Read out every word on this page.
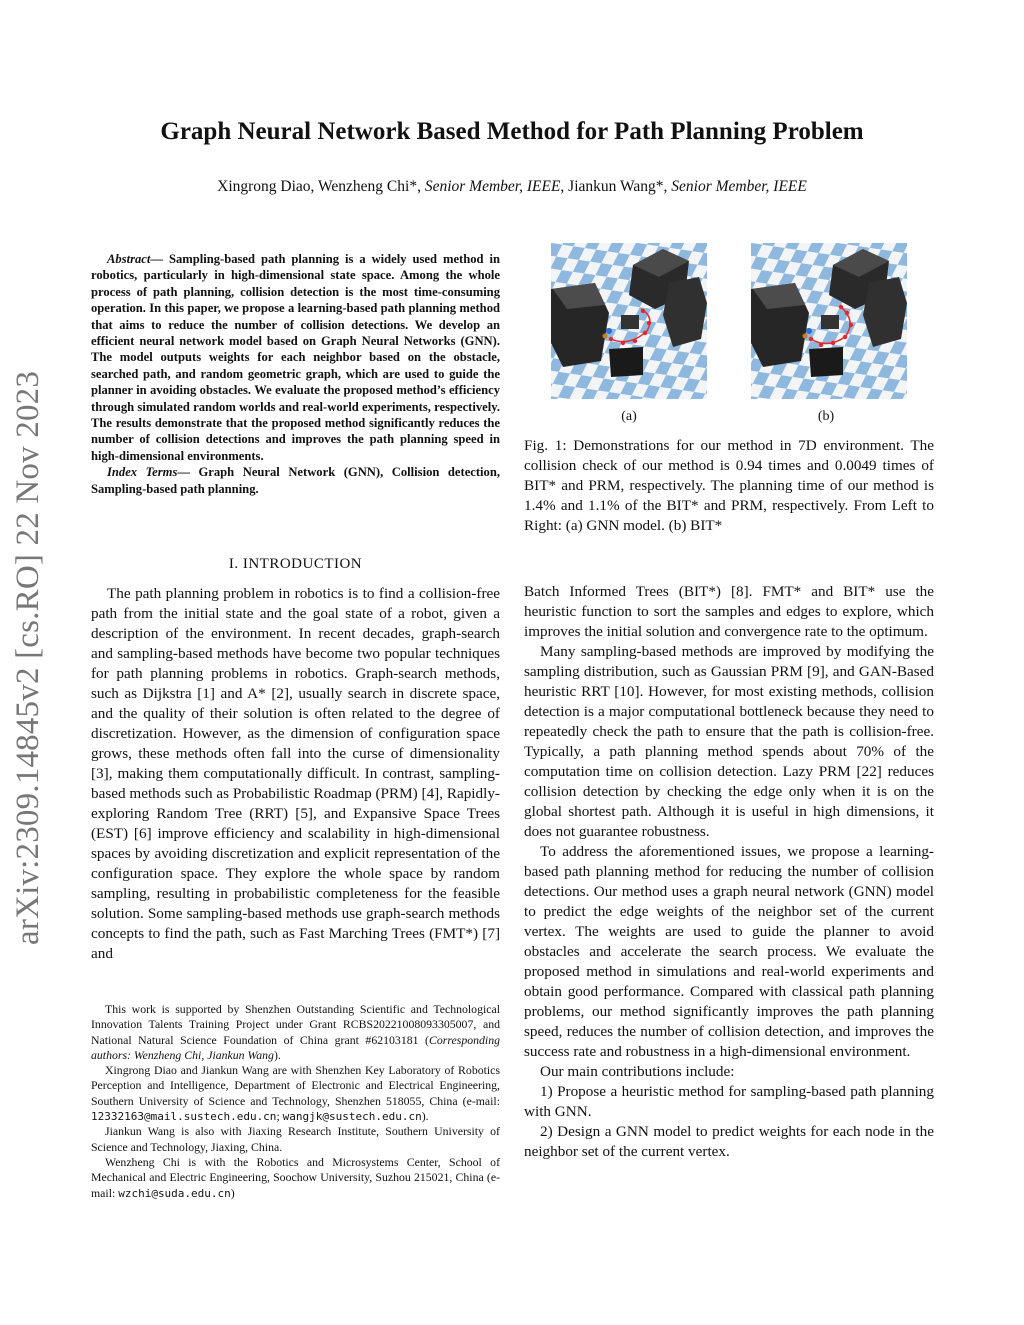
arXiv:2309.14845v2 [cs.RO] 22 Nov 2023
Graph Neural Network Based Method for Path Planning Problem
Xingrong Diao, Wenzheng Chi*, Senior Member, IEEE, Jiankun Wang*, Senior Member, IEEE

Abstract— Sampling-based path planning is a widely used method in robotics, particularly in high-dimensional state space. Among the whole process of path planning, collision detection is the most time-consuming operation. In this paper, we propose a learning-based path planning method that aims to reduce the number of collision detections. We develop an efficient neural network model based on Graph Neural Networks (GNN). The model outputs weights for each neighbor based on the obstacle, searched path, and random geometric graph, which are used to guide the planner in avoiding obstacles. We evaluate the proposed method’s efficiency through simulated random worlds and real-world experiments, respectively. The results demonstrate that the proposed method significantly reduces the number of collision detections and improves the path planning speed in high-dimensional environments.

Index Terms— Graph Neural Network (GNN), Collision detection, Sampling-based path planning.

I. INTRODUCTION

The path planning problem in robotics is to find a collision-free path from the initial state and the goal state of a robot, given a description of the environment. In recent decades, graph-search and sampling-based methods have become two popular techniques for path planning problems in robotics. Graph-search methods, such as Dijkstra [1] and A* [2], usually search in discrete space, and the quality of their solution is often related to the degree of discretization. However, as the dimension of configuration space grows, these methods often fall into the curse of dimensionality [3], making them computationally difficult. In contrast, sampling-based methods such as Probabilistic Roadmap (PRM) [4], Rapidly-exploring Random Tree (RRT) [5], and Expansive Space Trees (EST) [6] improve efficiency and scalability in high-dimensional spaces by avoiding discretization and explicit representation of the configuration space. They explore the whole space by random sampling, resulting in probabilistic completeness for the feasible solution. Some sampling-based methods use graph-search methods concepts to find the path, such as Fast Marching Trees (FMT*) [7] and

This work is supported by Shenzhen Outstanding Scientific and Technological Innovation Talents Training Project under Grant RCBS20221008093305007, and National Natural Science Foundation of China grant #62103181 (Corresponding authors: Wenzheng Chi, Jiankun Wang).

Xingrong Diao and Jiankun Wang are with Shenzhen Key Laboratory of Robotics Perception and Intelligence, Department of Electronic and Electrical Engineering, Southern University of Science and Technology, Shenzhen 518055, China (e-mail: 12332163@mail.sustech.edu.cn; wangjk@sustech.edu.cn).

Jiankun Wang is also with Jiaxing Research Institute, Southern University of Science and Technology, Jiaxing, China.

Wenzheng Chi is with the Robotics and Microsystems Center, School of Mechanical and Electric Engineering, Soochow University, Suzhou 215021, China (e-mail: wzchi@suda.edu.cn)

(a)	(b)
Fig. 1: Demonstrations for our method in 7D environment. The collision check of our method is 0.94 times and 0.0049 times of BIT* and PRM, respectively. The planning time of our method is 1.4% and 1.1% of the BIT* and PRM, respectively. From Left to Right: (a) GNN model. (b) BIT*

Batch Informed Trees (BIT*) [8]. FMT* and BIT* use the heuristic function to sort the samples and edges to explore, which improves the initial solution and convergence rate to the optimum.

Many sampling-based methods are improved by modifying the sampling distribution, such as Gaussian PRM [9], and GAN-Based heuristic RRT [10]. However, for most existing methods, collision detection is a major computational bottleneck because they need to repeatedly check the path to ensure that the path is collision-free. Typically, a path planning method spends about 70% of the computation time on collision detection. Lazy PRM [22] reduces collision detection by checking the edge only when it is on the global shortest path. Although it is useful in high dimensions, it does not guarantee robustness.

To address the aforementioned issues, we propose a learning-based path planning method for reducing the number of collision detections. Our method uses a graph neural network (GNN) model to predict the edge weights of the neighbor set of the current vertex. The weights are used to guide the planner to avoid obstacles and accelerate the search process. We evaluate the proposed method in simulations and real-world experiments and obtain good performance. Compared with classical path planning problems, our method significantly improves the path planning speed, reduces the number of collision detection, and improves the success rate and robustness in a high-dimensional environment.

Our main contributions include:

1) Propose a heuristic method for sampling-based path planning with GNN.

2) Design a GNN model to predict weights for each node in the neighbor set of the current vertex.
